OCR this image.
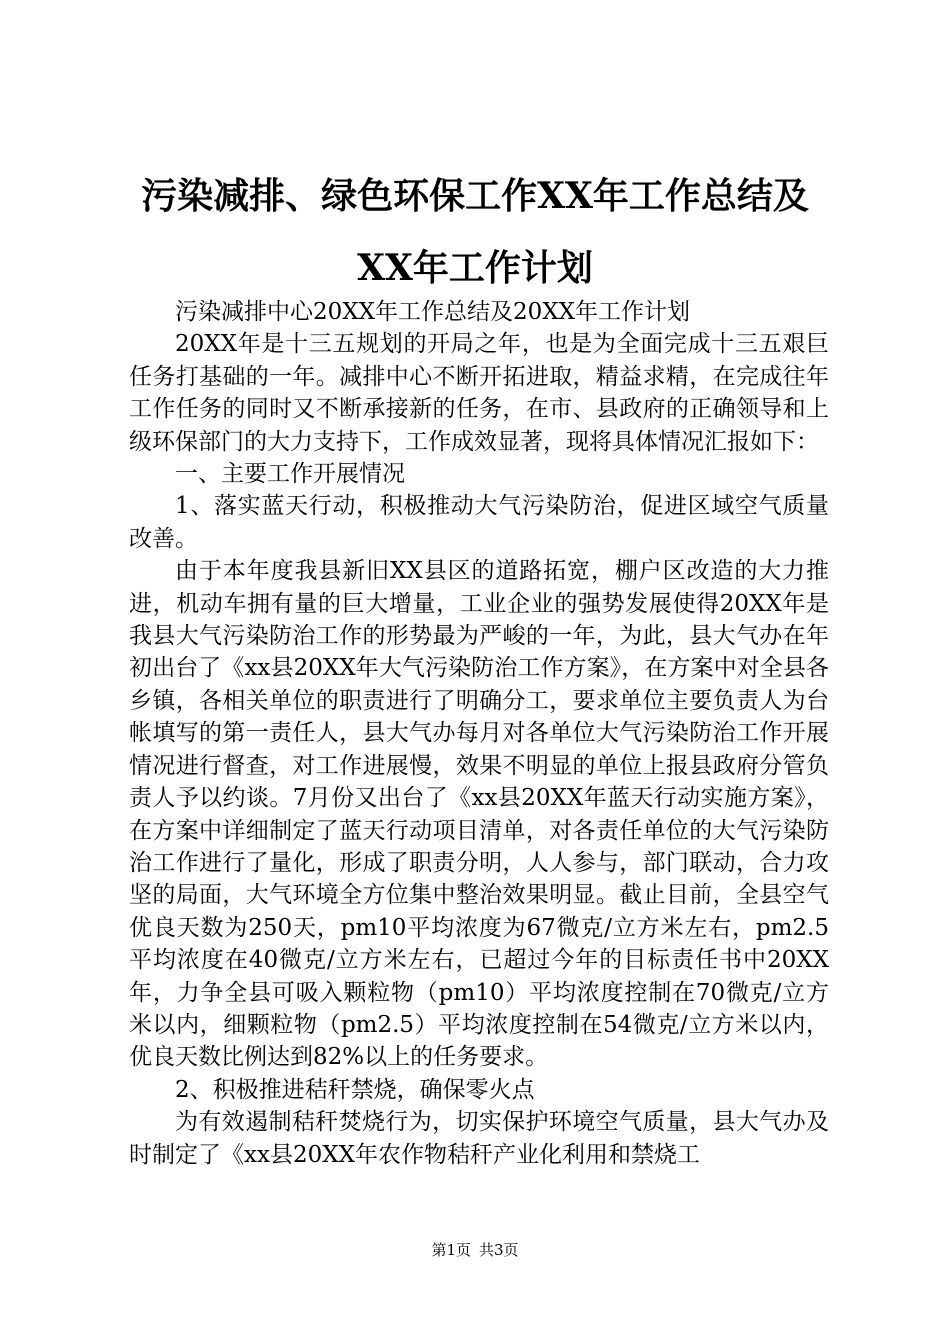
污染减排、绿色环保工作XX年工作总结及XX年工作计划

污染减排中心20XX年工作总结及20XX年工作计划

20XX年是十三五规划的开局之年，也是为全面完成十三五艰巨任务打基础的一年。减排中心不断开拓进取，精益求精，在完成往年工作任务的同时又不断承接新的任务，在市、县政府的正确领导和上级环保部门的大力支持下，工作成效显著，现将具体情况汇报如下：

一、主要工作开展情况

1、落实蓝天行动，积极推动大气污染防治，促进区域空气质量改善。

由于本年度我县新旧XX县区的道路拓宽，棚户区改造的大力推进，机动车拥有量的巨大增量，工业企业的强势发展使得20XX年是我县大气污染防治工作的形势最为严峻的一年，为此，县大气办在年初出台了《xx县20XX年大气污染防治工作方案》，在方案中对全县各乡镇，各相关单位的职责进行了明确分工，要求单位主要负责人为台帐填写的第一责任人，县大气办每月对各单位大气污染防治工作开展情况进行督查，对工作进展慢，效果不明显的单位上报县政府分管负责人予以约谈。7月份又出台了《xx县20XX年蓝天行动实施方案》，在方案中详细制定了蓝天行动项目清单，对各责任单位的大气污染防治工作进行了量化，形成了职责分明，人人参与，部门联动，合力攻坚的局面，大气环境全方位集中整治效果明显。截止目前，全县空气优良天数为250天，pm10平均浓度为67微克/立方米左右，pm2.5平均浓度在40微克/立方米左右，已超过今年的目标责任书中20XX年，力争全县可吸入颗粒物（pm10）平均浓度控制在70微克/立方米以内，细颗粒物（pm2.5）平均浓度控制在54微克/立方米以内，优良天数比例达到82%以上的任务要求。

2、积极推进秸秆禁烧，确保零火点

为有效遏制秸秆焚烧行为，切实保护环境空气质量，县大气办及时制定了《xx县20XX年农作物秸秆产业化利用和禁烧工

第1页 共3页
